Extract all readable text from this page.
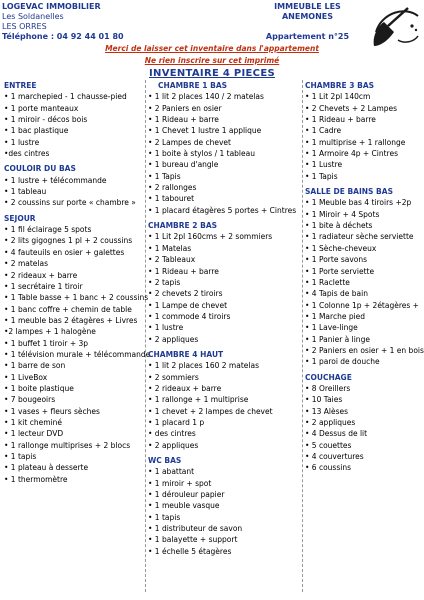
LOGEVAC IMMOBILIER
Les Soldanelles
LES ORRES
Téléphone : 04 92 44 01 80
IMMEUBLE LES ANEMONES
Appartement n°25
Merci de laisser cet inventaire dans l'appartement
Ne rien inscrire sur cet imprimé
INVENTAIRE 4 PIECES
ENTREE
• 1 marchepied - 1 chausse-pied
• 1 porte manteaux
• 1 miroir - décos bois
• 1 bac plastique
• 1 lustre
•des cintres
COULOIR DU BAS
• 1 lustre + télécommande
• 1 tableau
• 2 coussins sur porte « chambre »
SEJOUR
• 1 fil éclairage 5 spots
• 2 lits gigognes 1 pl + 2 coussins
• 4 fauteuils en osier + galettes
• 2 matelas
• 2 rideaux + barre
• 1 secrétaire 1 tiroir
• 1 Table basse + 1 banc + 2 coussins
• 1 banc coffre + chemin de table
• 1 meuble bas 2 étagères + Livres
•2 lampes + 1 halogène
• 1 buffet 1 tiroir + 3p
• 1 télévision murale + télécommande
• 1 barre de son
• 1 LiveBox
• 1 boite plastique
• 7 bougeoirs
• 1 vases + fleurs sèches
• 1 kit cheminé
• 1 lecteur DVD
• 1 rallonge multiprises + 2 blocs
• 1 tapis
• 1 plateau à desserte
• 1 thermomètre
CHAMBRE 1 BAS
• 1 lit 2 places 140 / 2 matelas
• 2 Paniers en osier
• 1 Rideau + barre
• 1 Chevet 1 lustre 1 applique
• 2 Lampes de chevet
• 1 boite à stylos / 1 tableau
• 1 bureau d'angle
• 1 Tapis
• 2 rallonges
• 1 tabouret
• 1 placard étagères 5 portes + Cintres
CHAMBRE 2 BAS
• 1 Lit 2pl 160cms + 2 sommiers
• 1 Matelas
• 2 Tableaux
• 1 Rideau + barre
• 2 tapis
• 2 chevets 2 tiroirs
• 1 Lampe de chevet
• 1 commode 4 tiroirs
• 1 lustre
• 2 appliques
CHAMBRE 4 HAUT
• 1 lit 2 places 160 2 matelas
• 2 sommiers
• 2 rideaux + barre
• 1 rallonge + 1 multiprise
• 1 chevet + 2 lampes de chevet
• 1 placard 1 p
• des cintres
• 2 appliques
WC BAS
• 1 abattant
• 1 miroir + spot
• 1 dérouleur papier
• 1 meuble vasque
• 1 tapis
• 1 distributeur de savon
• 1 balayette + support
• 1 échelle 5 étagères
CHAMBRE 3 BAS
• 1 Lit 2pl 140cm
• 2 Chevets + 2 Lampes
• 1 Rideau + barre
• 1 Cadre
• 1 multiprise + 1 rallonge
• 1 Armoire 4p + Cintres
• 1 Lustre
• 1 Tapis
SALLE DE BAINS BAS
• 1 Meuble bas 4 tiroirs +2p
• 1 Miroir + 4 Spots
• 1 bite à déchets
• 1 radiateur sèche serviette
• 1 Sèche-cheveux
• 1 Porte savons
• 1 Porte serviette
• 1 Raclette
• 4 Tapis de bain
• 1 Colonne 1p + 2étagères +
• 1 Marche pied
• 1 Lave-linge
• 1 Panier à linge
• 2 Paniers en osier + 1 en bois
• 1 paroi de douche
COUCHAGE
• 8 Oreillers
• 10 Taies
• 13 Alèses
• 2 appliques
• 4 Dessus de lit
• 5 couettes
• 4 couvertures
• 6 coussins
